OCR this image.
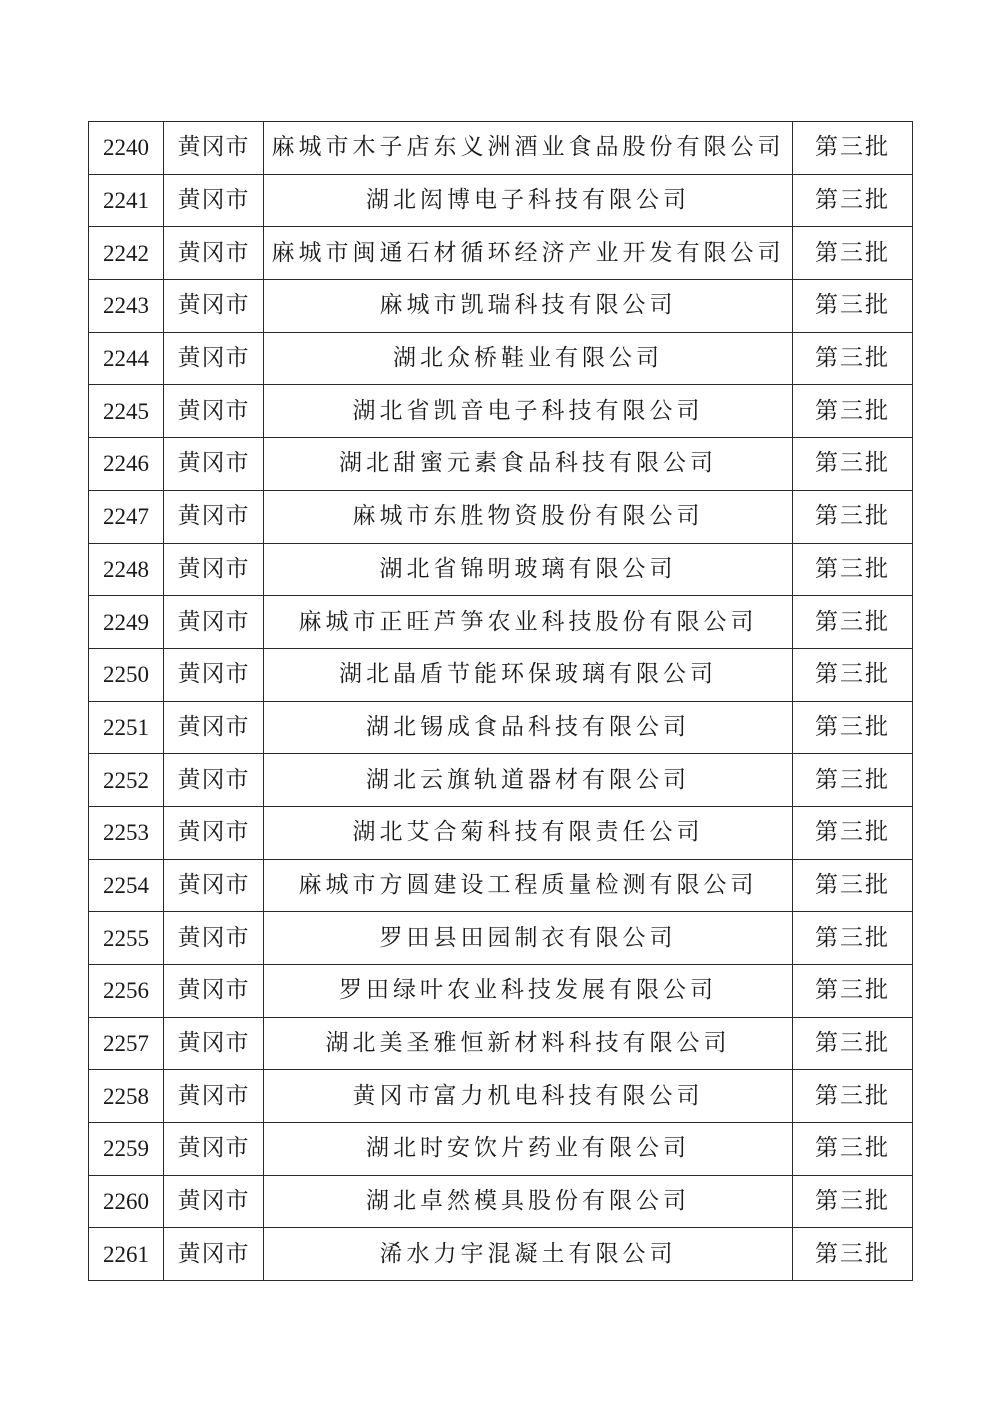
2240	黄冈市	麻城市木子店东义洲酒业食品股份有限公司	第三批
2241	黄冈市	湖北闳博电子科技有限公司	第三批
2242	黄冈市	麻城市闽通石材循环经济产业开发有限公司	第三批
2243	黄冈市	麻城市凯瑞科技有限公司	第三批
2244	黄冈市	湖北众桥鞋业有限公司	第三批
2245	黄冈市	湖北省凯音电子科技有限公司	第三批
2246	黄冈市	湖北甜蜜元素食品科技有限公司	第三批
2247	黄冈市	麻城市东胜物资股份有限公司	第三批
2248	黄冈市	湖北省锦明玻璃有限公司	第三批
2249	黄冈市	麻城市正旺芦笋农业科技股份有限公司	第三批
2250	黄冈市	湖北晶盾节能环保玻璃有限公司	第三批
2251	黄冈市	湖北锡成食品科技有限公司	第三批
2252	黄冈市	湖北云旗轨道器材有限公司	第三批
2253	黄冈市	湖北艾合菊科技有限责任公司	第三批
2254	黄冈市	麻城市方圆建设工程质量检测有限公司	第三批
2255	黄冈市	罗田县田园制衣有限公司	第三批
2256	黄冈市	罗田绿叶农业科技发展有限公司	第三批
2257	黄冈市	湖北美圣雅恒新材料科技有限公司	第三批
2258	黄冈市	黄冈市富力机电科技有限公司	第三批
2259	黄冈市	湖北时安饮片药业有限公司	第三批
2260	黄冈市	湖北卓然模具股份有限公司	第三批
2261	黄冈市	浠水力宇混凝土有限公司	第三批
